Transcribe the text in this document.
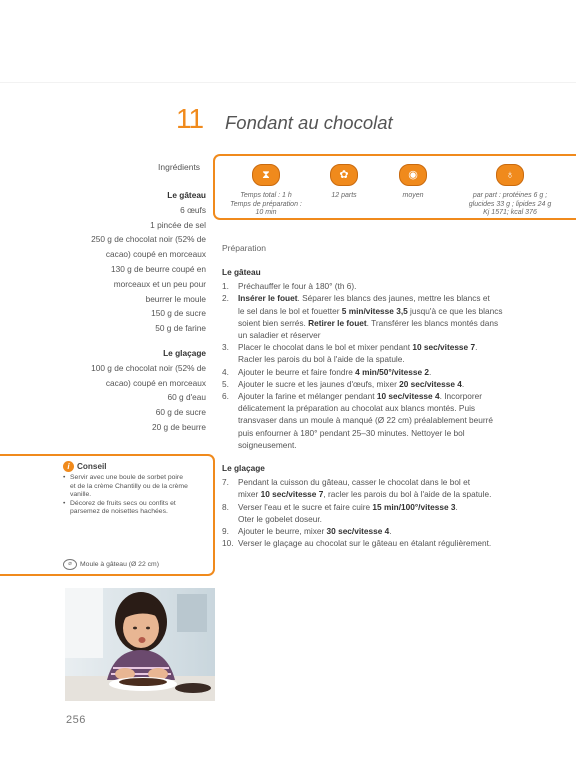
11 Fondant au chocolat
Ingrédients
Le gâteau
6 œufs
1 pincée de sel
250 g de chocolat noir (52% de
cacao) coupé en morceaux
130 g de beurre coupé en
morceaux et un peu pour
beurrer le moule
150 g de sucre
50 g de farine
Le glaçage
100 g de chocolat noir (52% de
cacao) coupé en morceaux
60 g d'eau
60 g de sucre
20 g de beurre
⧗
Temps total : 1 h
Temps de préparation :
10 min
✿
12 parts
◉
moyen
♁
par part : protéines 6 g ;
glucides 33 g ; lipides 24 g
Kj 1571; kcal 376
Préparation
Le gâteau
1.	Préchauffer le four à 180° (th 6).
2.	Insérer le fouet. Séparer les blancs des jaunes, mettre les blancs et
le sel dans le bol et fouetter 5 min/vitesse 3,5 jusqu'à ce que les blancs
soient bien serrés. Retirer le fouet. Transférer les blancs montés dans
un saladier et réserver
3.	Placer le chocolat dans le bol et mixer pendant 10 sec/vitesse 7.
Racler les parois du bol à l'aide de la spatule.
4.	Ajouter le beurre et faire fondre 4 min/50°/vitesse 2.
5.	Ajouter le sucre et les jaunes d'œufs, mixer 20 sec/vitesse 4.
6.	Ajouter la farine et mélanger pendant 10 sec/vitesse 4. Incorporer
délicatement la préparation au chocolat aux blancs montés. Puis
transvaser dans un moule à manqué (Ø 22 cm) préalablement beurré
puis enfourner à 180° pendant 25–30 minutes. Nettoyer le bol
soigneusement.
Le glaçage
7.	Pendant la cuisson du gâteau, casser le chocolat dans le bol et
mixer 10 sec/vitesse 7, racler les parois du bol à l'aide de la spatule.
8.	Verser l'eau et le sucre et faire cuire 15 min/100°/vitesse 3.
Oter le gobelet doseur.
9.	Ajouter le beurre, mixer 30 sec/vitesse 4.
10. Verser le glaçage au chocolat sur le gâteau en étalant régulièrement.
i Conseil
• Servir avec une boule de sorbet poire
et de la crème Chantilly ou de la crème
vanille.
• Décorez de fruits secs ou confits et
parsemez de noisettes hachées.
⌀	Moule à gâteau (Ø 22 cm)
256
